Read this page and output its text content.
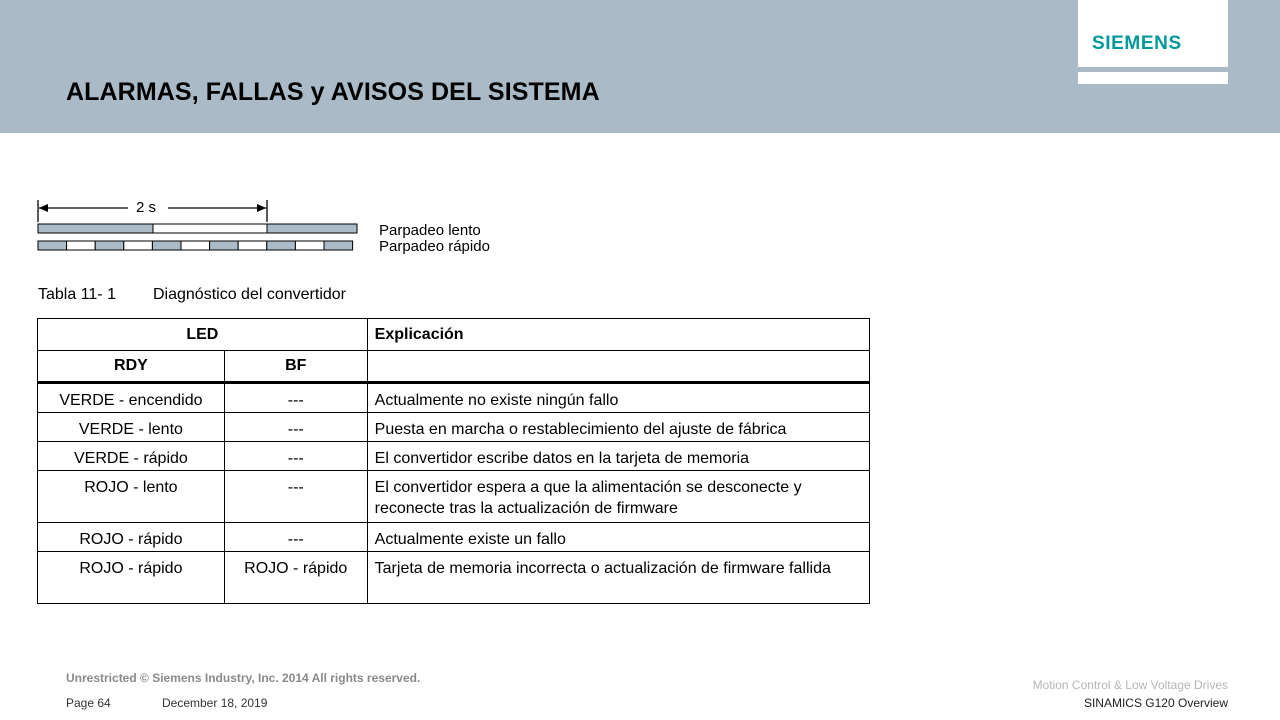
ALARMAS, FALLAS y AVISOS DEL SISTEMA
SIEMENS
2 s
Parpadeo lento
Parpadeo rápido
Tabla 11- 1 Diagnóstico del convertidor
LED		Explicación
RDY	BF	
VERDE - encendido	---	Actualmente no existe ningún fallo
VERDE - lento	---	Puesta en marcha o restablecimiento del ajuste de fábrica
VERDE - rápido	---	El convertidor escribe datos en la tarjeta de memoria
ROJO - lento	---	El convertidor espera a que la alimentación se desconecte y reconecte tras la actualización de firmware
ROJO - rápido	---	Actualmente existe un fallo
ROJO - rápido	ROJO - rápido	Tarjeta de memoria incorrecta o actualización de firmware fallida
Unrestricted © Siemens Industry, Inc. 2014 All rights reserved.
Page 64	December 18, 2019
Motion Control & Low Voltage Drives
SINAMICS G120 Overview
